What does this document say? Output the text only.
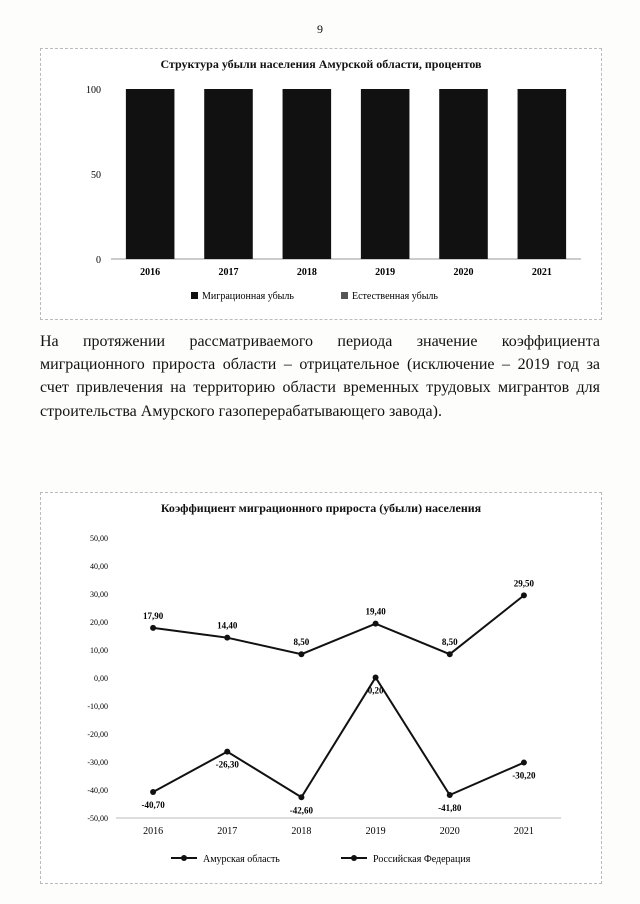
9
Структура убыли населения Амурской области, процентов
0
50
100
2016	2017	2018	2019	2020	2021
Миграционная убыль	Естественная убыль
На протяжении рассматриваемого периода значение коэффициента миграционного прироста области – отрицательное (исключение – 2019 год за счет привлечения на территорию области временных трудовых мигрантов для строительства Амурского газоперерабатывающего завода).
Коэффициент миграционного прироста (убыли) населения
50,00
40,00
30,00
20,00
10,00
0,00
-10,00
-20,00
-30,00
-40,00
-50,00
2016	2017	2018	2019	2020	2021
-40,70
-26,30
-42,60
0,20
-41,80
-30,20
17,90
14,40
8,50
19,40
8,50
29,50
Амурская область	Российская Федерация
